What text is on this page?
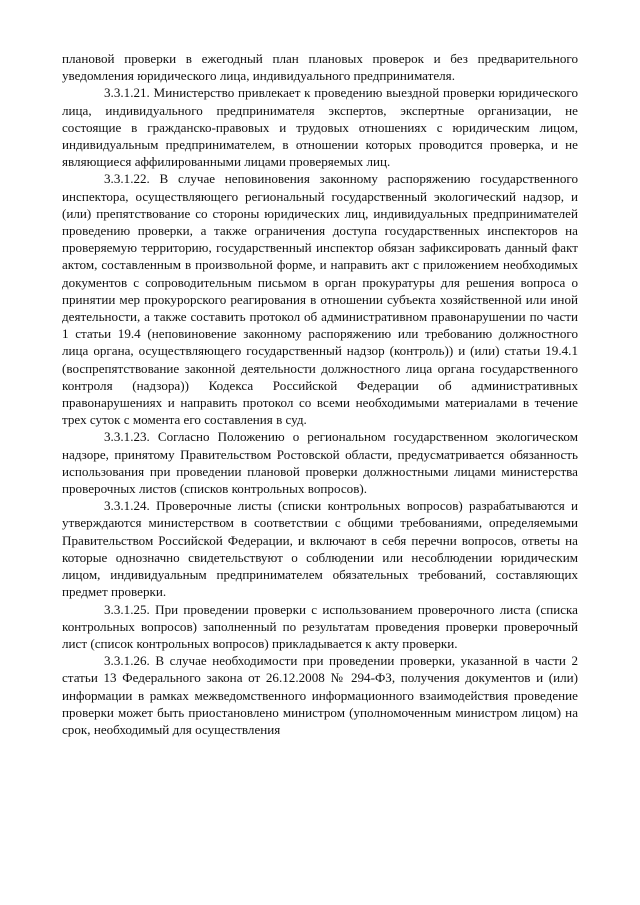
плановой проверки в ежегодный план плановых проверок и без предварительного уведомления юридического лица, индивидуального предпринимателя.

3.3.1.21. Министерство привлекает к проведению выездной проверки юридического лица, индивидуального предпринимателя экспертов, экспертные организации, не состоящие в гражданско-правовых и трудовых отношениях с юридическим лицом, индивидуальным предпринимателем, в отношении которых проводится проверка, и не являющиеся аффилированными лицами проверяемых лиц.

3.3.1.22. В случае неповиновения законному распоряжению государственного инспектора, осуществляющего региональный государственный экологический надзор, и (или) препятствование со стороны юридических лиц, индивидуальных предпринимателей проведению проверки, а также ограничения доступа государственных инспекторов на проверяемую территорию, государственный инспектор обязан зафиксировать данный факт актом, составленным в произвольной форме, и направить акт с приложением необходимых документов с сопроводительным письмом в орган прокуратуры для решения вопроса о принятии мер прокурорского реагирования в отношении субъекта хозяйственной или иной деятельности, а также составить протокол об административном правонарушении по части 1 статьи 19.4 (неповиновение законному распоряжению или требованию должностного лица органа, осуществляющего государственный надзор (контроль)) и (или) статьи 19.4.1 (воспрепятствование законной деятельности должностного лица органа государственного контроля (надзора)) Кодекса Российской Федерации об административных правонарушениях и направить протокол со всеми необходимыми материалами в течение трех суток с момента его составления в суд.

3.3.1.23. Согласно Положению о региональном государственном экологическом надзоре, принятому Правительством Ростовской области, предусматривается обязанность использования при проведении плановой проверки должностными лицами министерства проверочных листов (списков контрольных вопросов).

3.3.1.24. Проверочные листы (списки контрольных вопросов) разрабатываются и утверждаются министерством в соответствии с общими требованиями, определяемыми Правительством Российской Федерации, и включают в себя перечни вопросов, ответы на которые однозначно свидетельствуют о соблюдении или несоблюдении юридическим лицом, индивидуальным предпринимателем обязательных требований, составляющих предмет проверки.

3.3.1.25. При проведении проверки с использованием проверочного листа (списка контрольных вопросов) заполненный по результатам проведения проверки проверочный лист (список контрольных вопросов) прикладывается к акту проверки.

3.3.1.26. В случае необходимости при проведении проверки, указанной в части 2 статьи 13 Федерального закона от 26.12.2008 № 294-ФЗ, получения документов и (или) информации в рамках межведомственного информационного взаимодействия проведение проверки может быть приостановлено министром (уполномоченным министром лицом) на срок, необходимый для осуществления
